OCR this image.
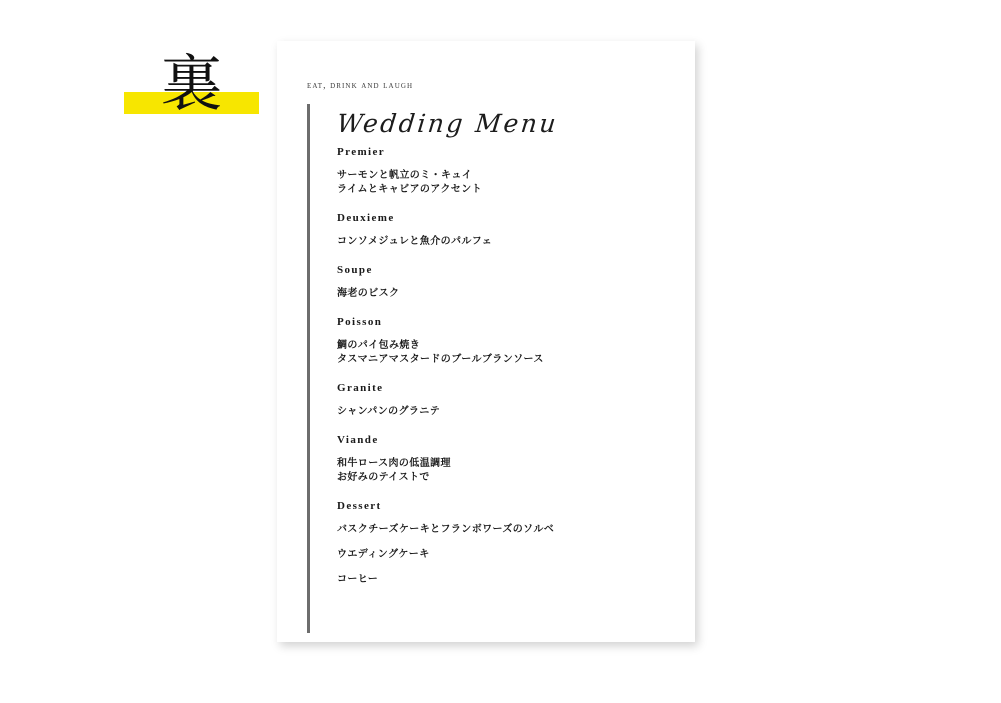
裏	eat, drink and laugh
Wedding Menu
Premier
サーモンと帆立のミ・キュイ
ライムとキャビアのアクセント
Deuxieme
コンソメジュレと魚介のパルフェ
Soupe
海老のビスク
Poisson
鯛のパイ包み焼き
タスマニアマスタードのブールブランソース
Granite
シャンパンのグラニテ
Viande
和牛ロース肉の低温調理
お好みのテイストで
Dessert
バスクチーズケーキとフランボワーズのソルベ
ウエディングケーキ
コーヒー
